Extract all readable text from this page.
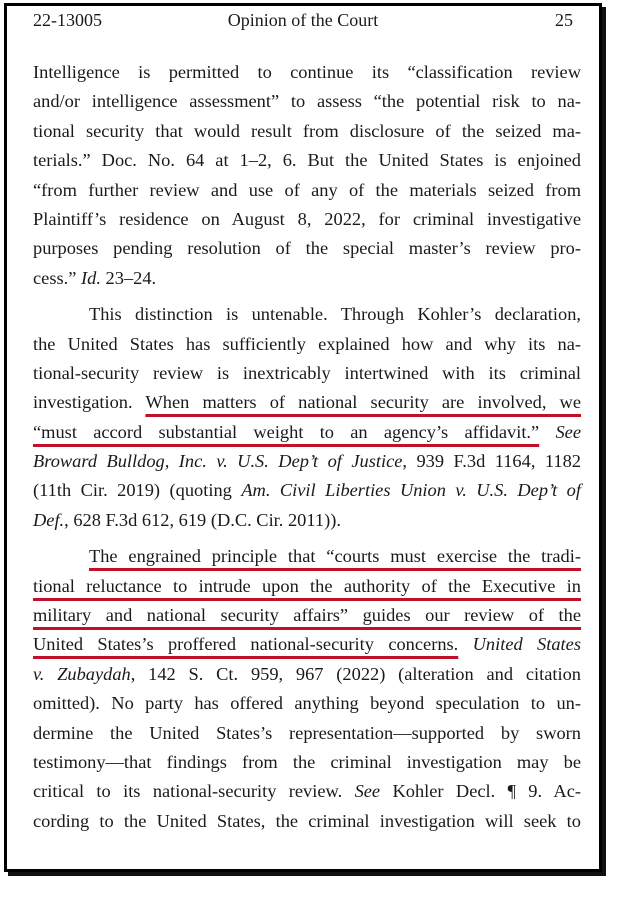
22-13005	Opinion of the Court	25
Intelligence is permitted to continue its “classification review
and/or intelligence assessment” to assess “the potential risk to na-
tional security that would result from disclosure of the seized ma-
terials.” Doc. No. 64 at 1–2, 6. But the United States is enjoined
“from further review and use of any of the materials seized from
Plaintiff’s residence on August 8, 2022, for criminal investigative
purposes pending resolution of the special master’s review pro-
cess.” Id. 23–24.
This distinction is untenable. Through Kohler’s declaration,
the United States has sufficiently explained how and why its na-
tional-security review is inextricably intertwined with its criminal
investigation. When matters of national security are involved, we
“must accord substantial weight to an agency’s affidavit.” See
Broward Bulldog, Inc. v. U.S. Dep’t of Justice, 939 F.3d 1164, 1182
(11th Cir. 2019) (quoting Am. Civil Liberties Union v. U.S. Dep’t of
Def., 628 F.3d 612, 619 (D.C. Cir. 2011)).
The engrained principle that “courts must exercise the tradi-
tional reluctance to intrude upon the authority of the Executive in
military and national security affairs” guides our review of the
United States’s proffered national-security concerns. United States
v. Zubaydah, 142 S. Ct. 959, 967 (2022) (alteration and citation
omitted). No party has offered anything beyond speculation to un-
dermine the United States’s representation—supported by sworn
testimony—that findings from the criminal investigation may be
critical to its national-security review. See Kohler Decl. ¶ 9. Ac-
cording to the United States, the criminal investigation will seek to
